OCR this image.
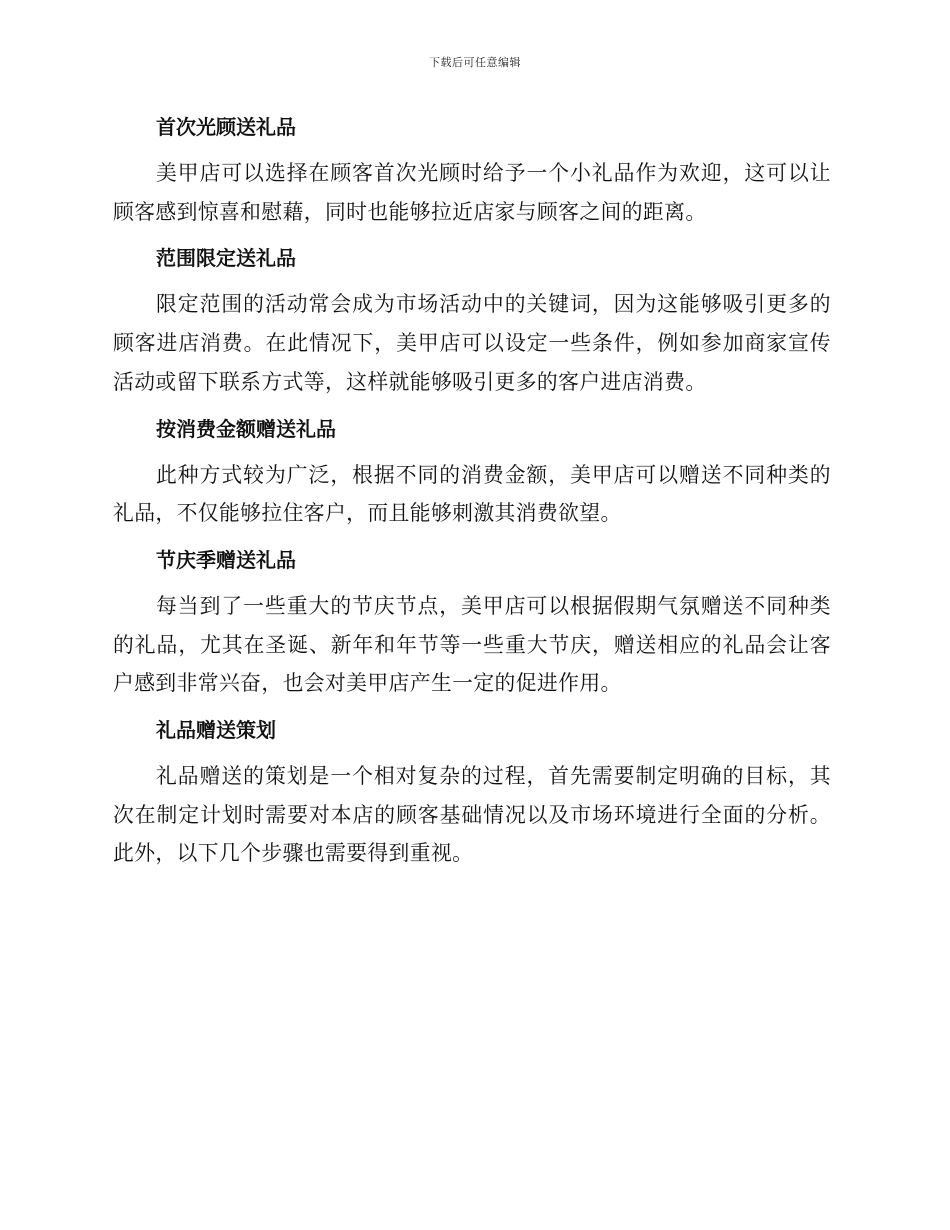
下载后可任意编辑
首次光顾送礼品

美甲店可以选择在顾客首次光顾时给予一个小礼品作为欢迎，这可以让顾客感到惊喜和慰藉，同时也能够拉近店家与顾客之间的距离。

范围限定送礼品

限定范围的活动常会成为市场活动中的关键词，因为这能够吸引更多的顾客进店消费。在此情况下，美甲店可以设定一些条件，例如参加商家宣传活动或留下联系方式等，这样就能够吸引更多的客户进店消费。

按消费金额赠送礼品

此种方式较为广泛，根据不同的消费金额，美甲店可以赠送不同种类的礼品，不仅能够拉住客户，而且能够刺激其消费欲望。

节庆季赠送礼品

每当到了一些重大的节庆节点，美甲店可以根据假期气氛赠送不同种类的礼品，尤其在圣诞、新年和年节等一些重大节庆，赠送相应的礼品会让客户感到非常兴奋，也会对美甲店产生一定的促进作用。

礼品赠送策划

礼品赠送的策划是一个相对复杂的过程，首先需要制定明确的目标，其次在制定计划时需要对本店的顾客基础情况以及市场环境进行全面的分析。此外，以下几个步骤也需要得到重视。
